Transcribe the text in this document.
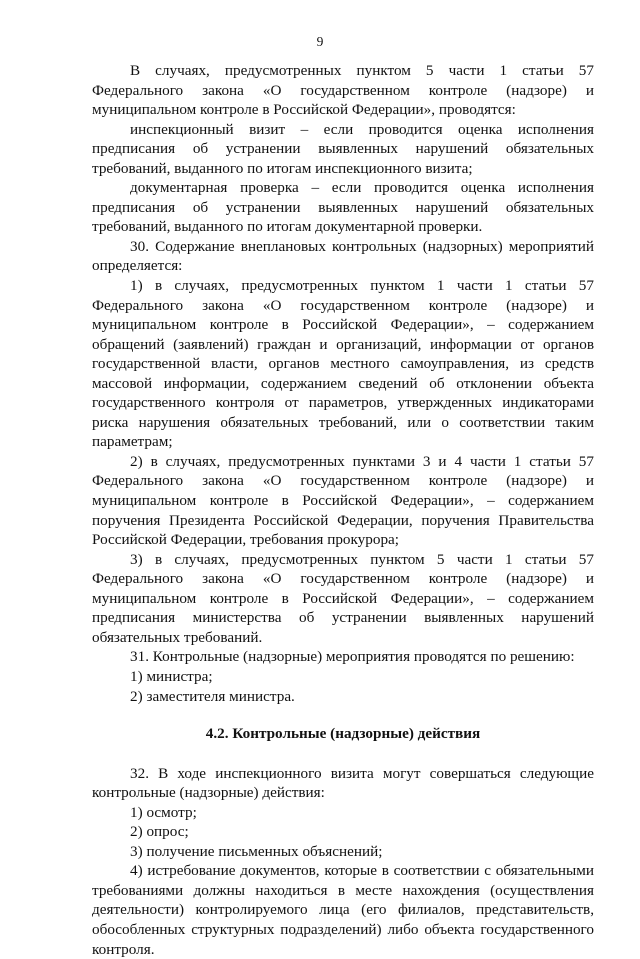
9

В случаях, предусмотренных пунктом 5 части 1 статьи 57 Федерального закона «О государственном контроле (надзоре) и муниципальном контроле в Российской Федерации», проводятся:

инспекционный визит – если проводится оценка исполнения предписания об устранении выявленных нарушений обязательных требований, выданного по итогам инспекционного визита;

документарная проверка – если проводится оценка исполнения предписания об устранении выявленных нарушений обязательных требований, выданного по итогам документарной проверки.

30. Содержание внеплановых контрольных (надзорных) мероприятий определяется:

1) в случаях, предусмотренных пунктом 1 части 1 статьи 57 Федерального закона «О государственном контроле (надзоре) и муниципальном контроле в Российской Федерации», – содержанием обращений (заявлений) граждан и организаций, информации от органов государственной власти, органов местного самоуправления, из средств массовой информации, содержанием сведений об отклонении объекта государственного контроля от параметров, утвержденных индикаторами риска нарушения обязательных требований, или о соответствии таким параметрам;

2) в случаях, предусмотренных пунктами 3 и 4 части 1 статьи 57 Федерального закона «О государственном контроле (надзоре) и муниципальном контроле в Российской Федерации», – содержанием поручения Президента Российской Федерации, поручения Правительства Российской Федерации, требования прокурора;

3) в случаях, предусмотренных пунктом 5 части 1 статьи 57 Федерального закона «О государственном контроле (надзоре) и муниципальном контроле в Российской Федерации», – содержанием предписания министерства об устранении выявленных нарушений обязательных требований.

31. Контрольные (надзорные) мероприятия проводятся по решению:

1) министра;

2) заместителя министра.

4.2. Контрольные (надзорные) действия

32. В ходе инспекционного визита могут совершаться следующие контрольные (надзорные) действия:

1) осмотр;

2) опрос;

3) получение письменных объяснений;

4) истребование документов, которые в соответствии с обязательными требованиями должны находиться в месте нахождения (осуществления деятельности) контролируемого лица (его филиалов, представительств, обособленных структурных подразделений) либо объекта государственного контроля.
